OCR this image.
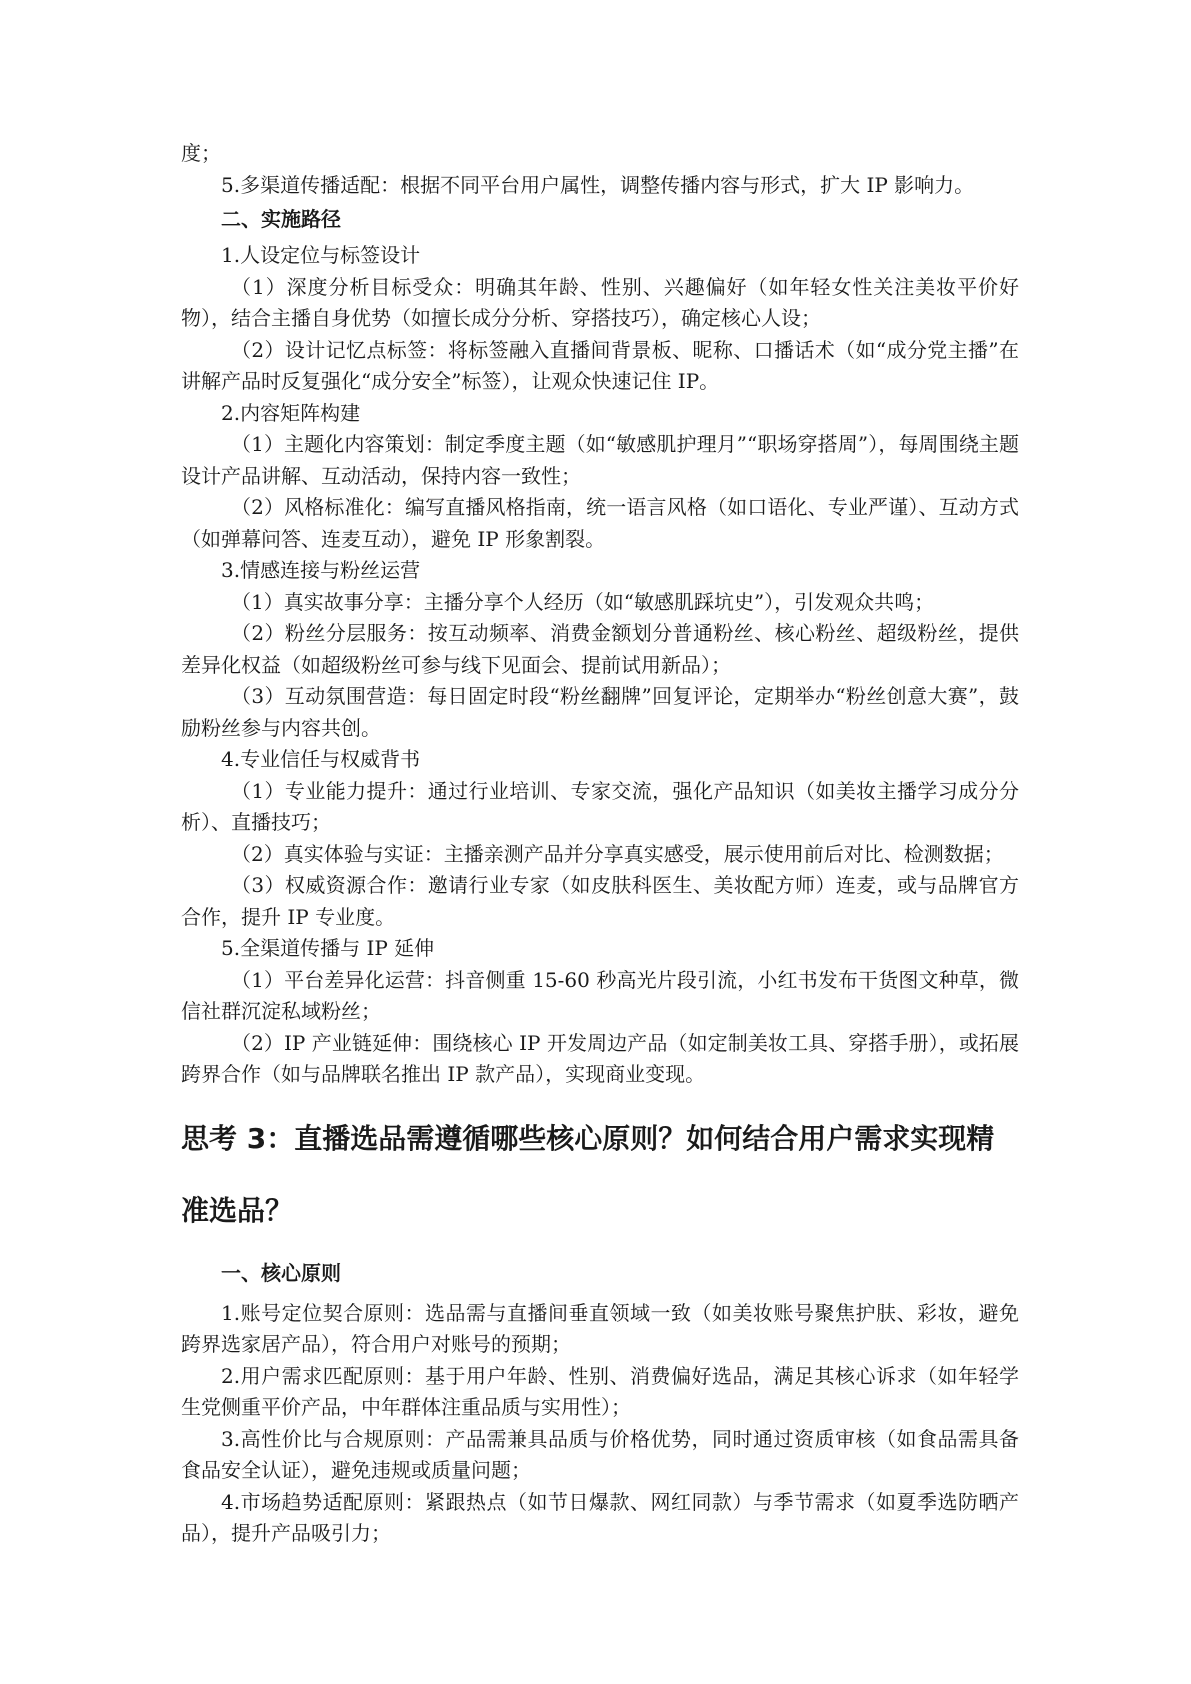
度；

5.多渠道传播适配：根据不同平台用户属性，调整传播内容与形式，扩大 IP 影响力。

二、实施路径

1.人设定位与标签设计

（1）深度分析目标受众：明确其年龄、性别、兴趣偏好（如年轻女性关注美妆平价好物），结合主播自身优势（如擅长成分分析、穿搭技巧），确定核心人设；

（2）设计记忆点标签：将标签融入直播间背景板、昵称、口播话术（如“成分党主播”在讲解产品时反复强化“成分安全”标签），让观众快速记住 IP。

2.内容矩阵构建

（1）主题化内容策划：制定季度主题（如“敏感肌护理月”“职场穿搭周”），每周围绕主题设计产品讲解、互动活动，保持内容一致性；

（2）风格标准化：编写直播风格指南，统一语言风格（如口语化、专业严谨）、互动方式（如弹幕问答、连麦互动），避免 IP 形象割裂。

3.情感连接与粉丝运营

（1）真实故事分享：主播分享个人经历（如“敏感肌踩坑史”），引发观众共鸣；

（2）粉丝分层服务：按互动频率、消费金额划分普通粉丝、核心粉丝、超级粉丝，提供差异化权益（如超级粉丝可参与线下见面会、提前试用新品）；

（3）互动氛围营造：每日固定时段“粉丝翻牌”回复评论，定期举办“粉丝创意大赛”，鼓励粉丝参与内容共创。

4.专业信任与权威背书

（1）专业能力提升：通过行业培训、专家交流，强化产品知识（如美妆主播学习成分分析）、直播技巧；

（2）真实体验与实证：主播亲测产品并分享真实感受，展示使用前后对比、检测数据；

（3）权威资源合作：邀请行业专家（如皮肤科医生、美妆配方师）连麦，或与品牌官方合作，提升 IP 专业度。

5.全渠道传播与 IP 延伸

（1）平台差异化运营：抖音侧重 15-60 秒高光片段引流，小红书发布干货图文种草，微信社群沉淀私域粉丝；

（2）IP 产业链延伸：围绕核心 IP 开发周边产品（如定制美妆工具、穿搭手册），或拓展跨界合作（如与品牌联名推出 IP 款产品），实现商业变现。

思考 3：直播选品需遵循哪些核心原则？如何结合用户需求实现精准选品？

一、核心原则

1.账号定位契合原则：选品需与直播间垂直领域一致（如美妆账号聚焦护肤、彩妆，避免跨界选家居产品），符合用户对账号的预期；

2.用户需求匹配原则：基于用户年龄、性别、消费偏好选品，满足其核心诉求（如年轻学生党侧重平价产品，中年群体注重品质与实用性）；

3.高性价比与合规原则：产品需兼具品质与价格优势，同时通过资质审核（如食品需具备食品安全认证），避免违规或质量问题；

4.市场趋势适配原则：紧跟热点（如节日爆款、网红同款）与季节需求（如夏季选防晒产品），提升产品吸引力；
